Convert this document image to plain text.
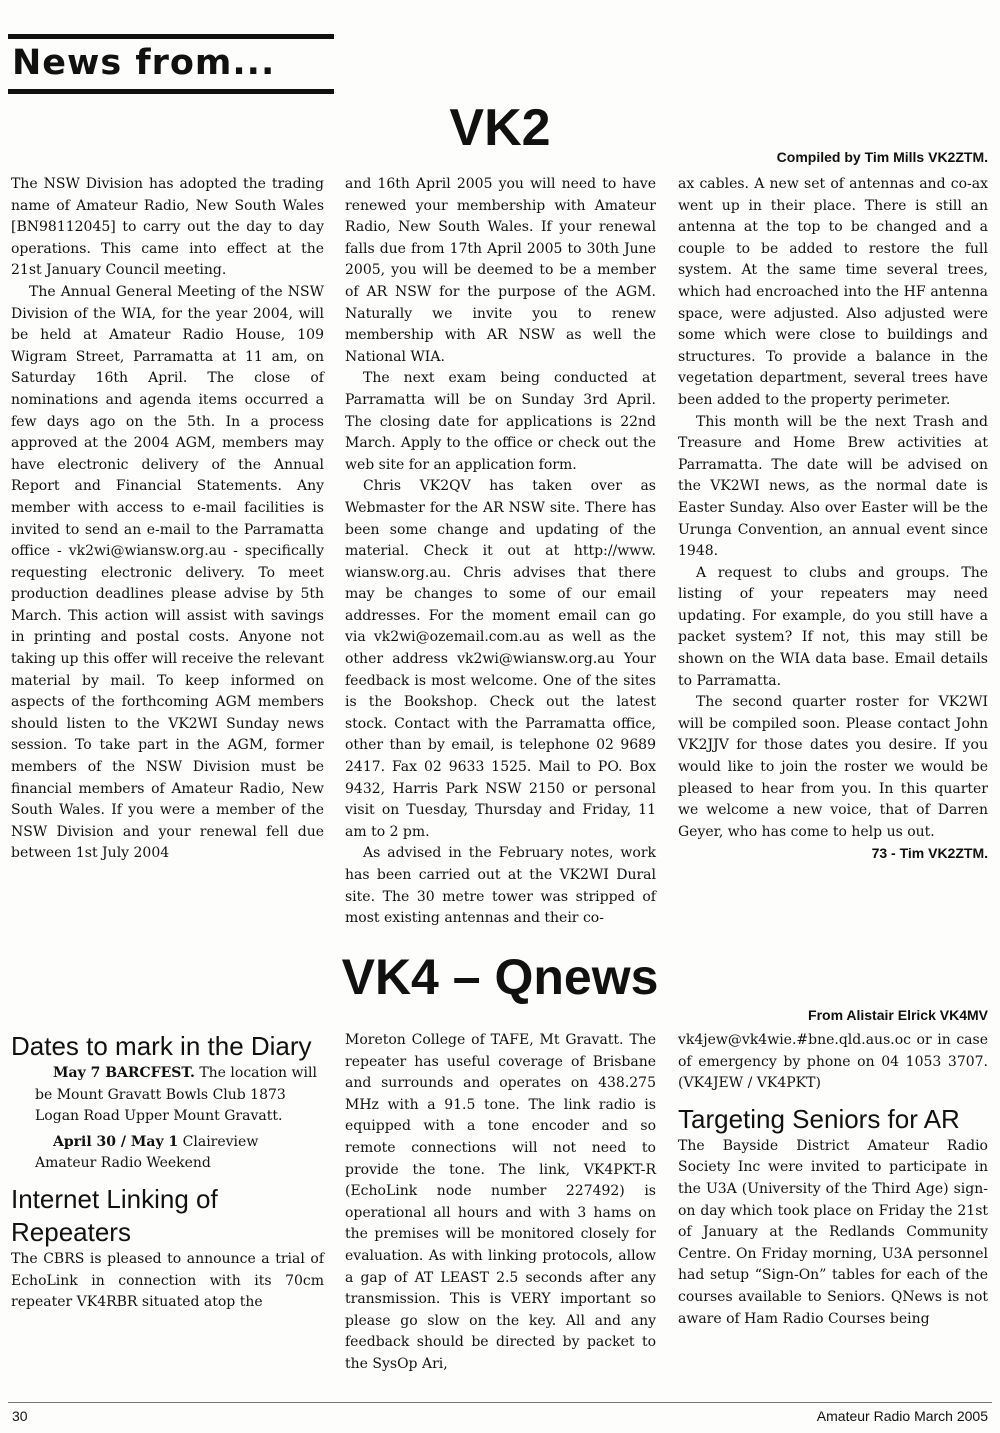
News from...
VK2	Compiled by Tim Mills VK2ZTM.

The NSW Division has adopted the trading name of Amateur Radio, New South Wales [BN98112045] to carry out the day to day operations. This came into effect at the 21st January Council meeting.

The Annual General Meeting of the NSW Division of the WIA, for the year 2004, will be held at Amateur Radio House, 109 Wigram Street, Parramatta at 11 am, on Saturday 16th April. The close of nominations and agenda items occurred a few days ago on the 5th. In a process approved at the 2004 AGM, members may have electronic delivery of the Annual Report and Financial Statements. Any member with access to e-mail facilities is invited to send an e-mail to the Parramatta office - vk2wi@wiansw.org.au - specifically requesting electronic delivery. To meet production deadlines please advise by 5th March. This action will assist with savings in printing and postal costs. Anyone not taking up this offer will receive the relevant material by mail. To keep informed on aspects of the forthcoming AGM members should listen to the VK2WI Sunday news session. To take part in the AGM, former members of the NSW Division must be financial members of Amateur Radio, New South Wales. If you were a member of the NSW Division and your renewal fell due between 1st July 2004

and 16th April 2005 you will need to have renewed your membership with Amateur Radio, New South Wales. If your renewal falls due from 17th April 2005 to 30th June 2005, you will be deemed to be a member of AR NSW for the purpose of the AGM. Naturally we invite you to renew membership with AR NSW as well the National WIA.

The next exam being conducted at Parramatta will be on Sunday 3rd April. The closing date for applications is 22nd March. Apply to the office or check out the web site for an application form.

Chris VK2QV has taken over as Webmaster for the AR NSW site. There has been some change and updating of the material. Check it out at http://www. wiansw.org.au. Chris advises that there may be changes to some of our email addresses. For the moment email can go via vk2wi@ozemail.com.au as well as the other address vk2wi@wiansw.org.au Your feedback is most welcome. One of the sites is the Bookshop. Check out the latest stock. Contact with the Parramatta office, other than by email, is telephone 02 9689 2417. Fax 02 9633 1525. Mail to PO. Box 9432, Harris Park NSW 2150 or personal visit on Tuesday, Thursday and Friday, 11 am to 2 pm.

As advised in the February notes, work has been carried out at the VK2WI Dural site. The 30 metre tower was stripped of most existing antennas and their co-

ax cables. A new set of antennas and co-ax went up in their place. There is still an antenna at the top to be changed and a couple to be added to restore the full system. At the same time several trees, which had encroached into the HF antenna space, were adjusted. Also adjusted were some which were close to buildings and structures. To provide a balance in the vegetation department, several trees have been added to the property perimeter.

This month will be the next Trash and Treasure and Home Brew activities at Parramatta. The date will be advised on the VK2WI news, as the normal date is Easter Sunday. Also over Easter will be the Urunga Convention, an annual event since 1948.

A request to clubs and groups. The listing of your repeaters may need updating. For example, do you still have a packet system? If not, this may still be shown on the WIA data base. Email details to Parramatta.

The second quarter roster for VK2WI will be compiled soon. Please contact John VK2JJV for those dates you desire. If you would like to join the roster we would be pleased to hear from you. In this quarter we welcome a new voice, that of Darren Geyer, who has come to help us out.

73 - Tim VK2ZTM.
VK4 – Qnews
From Alistair Elrick VK4MV
Dates to mark in the Diary

May 7 BARCFEST. The location will be Mount Gravatt Bowls Club 1873 Logan Road Upper Mount Gravatt.

April 30 / May 1 Claireview Amateur Radio Weekend

Internet Linking of Repeaters

The CBRS is pleased to announce a trial of EchoLink in connection with its 70cm repeater VK4RBR situated atop the

Moreton College of TAFE, Mt Gravatt. The repeater has useful coverage of Brisbane and surrounds and operates on 438.275 MHz with a 91.5 tone. The link radio is equipped with a tone encoder and so remote connections will not need to provide the tone. The link, VK4PKT-R (EchoLink node number 227492) is operational all hours and with 3 hams on the premises will be monitored closely for evaluation. As with linking protocols, allow a gap of AT LEAST 2.5 seconds after any transmission. This is VERY important so please go slow on the key. All and any feedback should be directed by packet to the SysOp Ari,

vk4jew@vk4wie.#bne.qld.aus.oc or in case of emergency by phone on 04 1053 3707. (VK4JEW / VK4PKT)

Targeting Seniors for AR

The Bayside District Amateur Radio Society Inc were invited to participate in the U3A (University of the Third Age) sign-on day which took place on Friday the 21st of January at the Redlands Community Centre. On Friday morning, U3A personnel had setup “Sign-On” tables for each of the courses available to Seniors. QNews is not aware of Ham Radio Courses being

30	Amateur Radio March 2005
